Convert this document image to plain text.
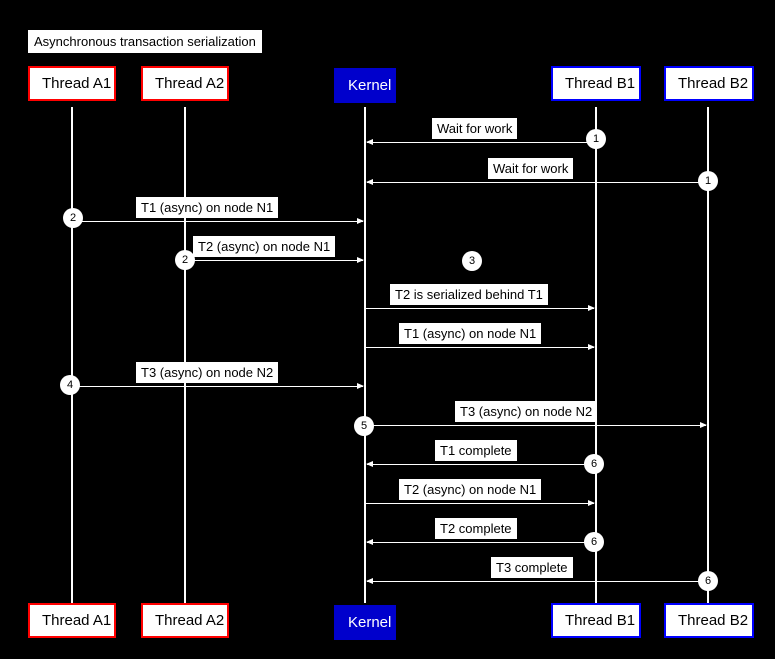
Asynchronous transaction serialization
Thread A1	Thread A2	Kernel	Thread B1	Thread B2
Thread A1	Thread A2	Kernel	Thread B1	Thread B2
Wait for work
Wait for work
T1 (async) on node N1
T2 (async) on node N1
T2 is serialized behind T1
T1 (async) on node N1
T3 (async) on node N2
T3 (async) on node N2
T1 complete
T2 (async) on node N1
T2 complete
T3 complete
1
1
2
2	3
4
5
6
6
6
